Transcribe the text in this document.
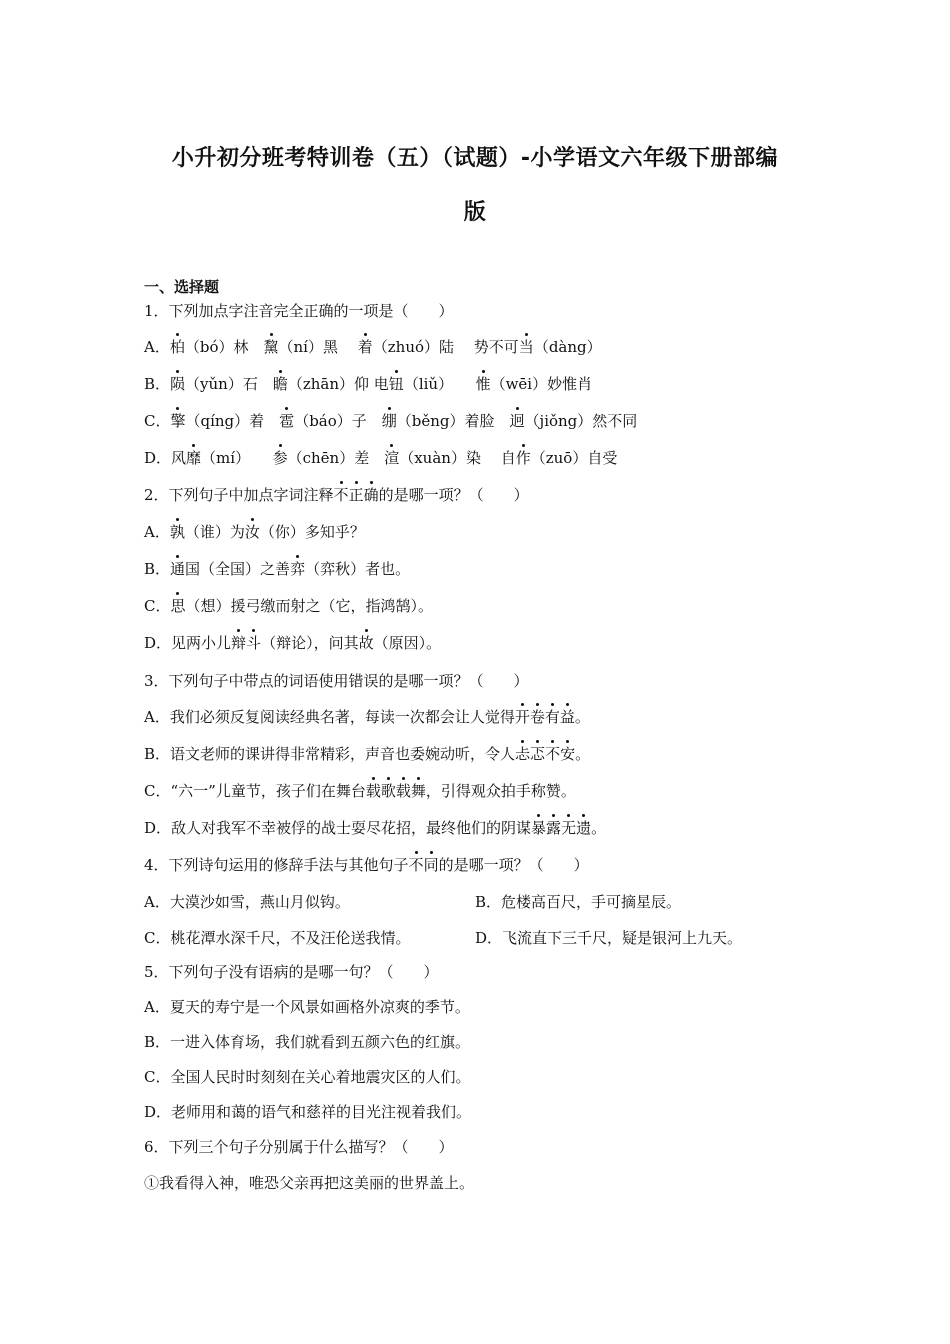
小升初分班考特训卷（五）（试题）-小学语文六年级下册部编
版
一、选择题
1．下列加点字注音完全正确的一项是（　　）
A．柏（bó）林　黧（ní）黑　 着（zhuó）陆　 势不可当（dàng）
B．陨（yǔn）石　瞻（zhān）仰 电钮（liǔ）　　惟（wēi）妙惟肖
C．擎（qíng）着　雹（báo）子　绷（běng）着脸　迥（jiǒng）然不同
D．风靡（mí）　　参（chēn）差　渲（xuàn）染　 自作（zuō）自受
2．下列句子中加点字词注释不正确的是哪一项？（　　）
A．孰（谁）为汝（你）多知乎？
B．通国（全国）之善弈（弈秋）者也。
C．思（想）援弓缴而射之（它，指鸿鹄）。
D．见两小儿辩斗（辩论），问其故（原因）。
3．下列句子中带点的词语使用错误的是哪一项？（　　）
A．我们必须反复阅读经典名著，每读一次都会让人觉得开卷有益。
B．语文老师的课讲得非常精彩，声音也委婉动听，令人忐忑不安。
C．“六一”儿童节，孩子们在舞台载歌载舞，引得观众拍手称赞。
D．敌人对我军不幸被俘的战士耍尽花招，最终他们的阴谋暴露无遗。
4．下列诗句运用的修辞手法与其他句子不同的是哪一项？（　　）
A．大漠沙如雪，燕山月似钩。	B．危楼高百尺，手可摘星辰。
C．桃花潭水深千尺，不及汪伦送我情。	D．飞流直下三千尺，疑是银河上九天。
5．下列句子没有语病的是哪一句？（　　）
A．夏天的寿宁是一个风景如画格外凉爽的季节。
B．一进入体育场，我们就看到五颜六色的红旗。
C．全国人民时时刻刻在关心着地震灾区的人们。
D．老师用和蔼的语气和慈祥的目光注视着我们。
6．下列三个句子分别属于什么描写？（　　）
①我看得入神，唯恐父亲再把这美丽的世界盖上。
